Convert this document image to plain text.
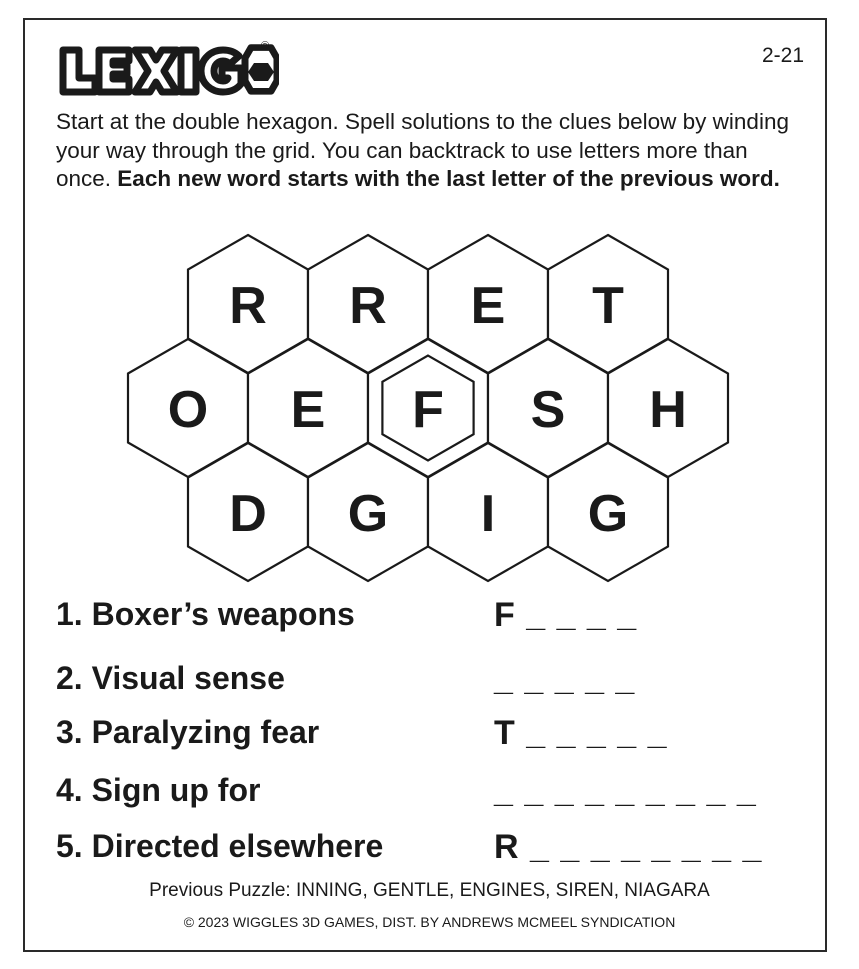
®	2-21
Start at the double hexagon. Spell solutions to the clues below by winding your way through the grid. You can backtrack to use letters more than once. Each new word starts with the last letter of the previous word.
R R E T
O E F S H
D G I G
1. Boxer’s weapons	F _ _ _ _
2. Visual sense	_ _ _ _ _
3. Paralyzing fear	T _ _ _ _ _
4. Sign up for	_ _ _ _ _ _ _ _ _
5. Directed elsewhere	R _ _ _ _ _ _ _ _
Previous Puzzle: INNING, GENTLE, ENGINES, SIREN, NIAGARA
© 2023 WIGGLES 3D GAMES, DIST. BY ANDREWS MCMEEL SYNDICATION
